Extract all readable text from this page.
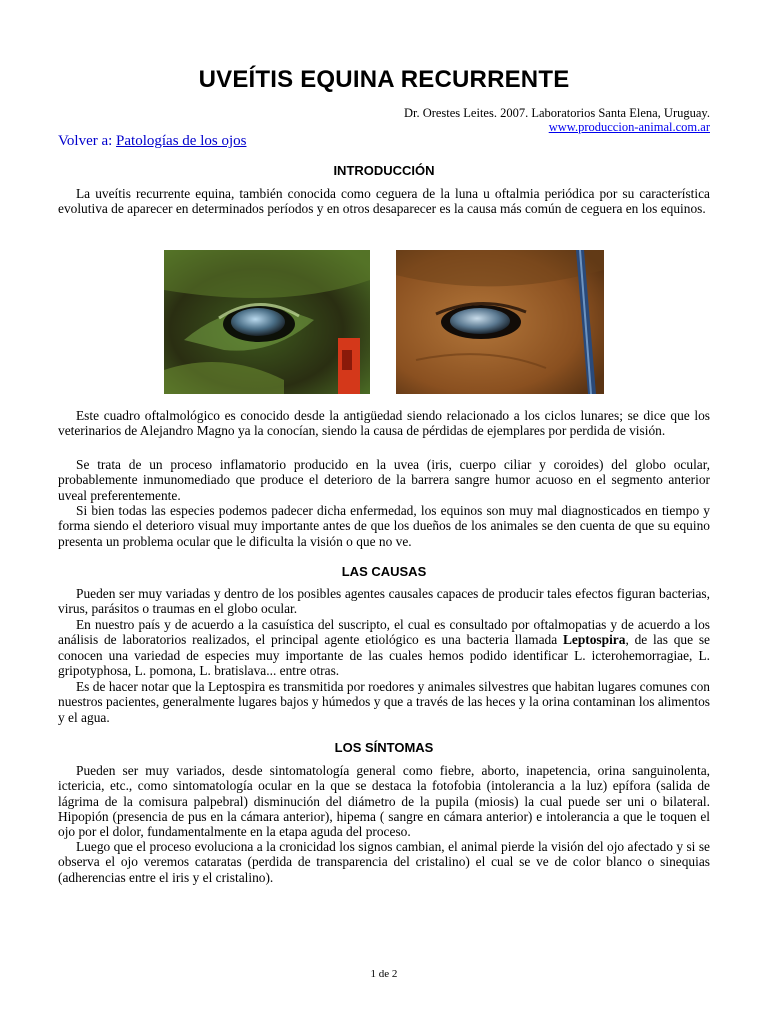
UVEÍTIS EQUINA RECURRENTE
Dr. Orestes Leites. 2007. Laboratorios Santa Elena, Uruguay.
www.produccion-animal.com.ar
Volver a: Patologías de los ojos
INTRODUCCIÓN
La uveítis recurrente equina, también conocida como ceguera de la luna u oftalmia periódica por su característica evolutiva de aparecer en determinados períodos y en otros desaparecer es la causa más común de ceguera en los equinos.
Este cuadro oftalmológico es conocido desde la antigüedad siendo relacionado a los ciclos lunares; se dice que los veterinarios de Alejandro Magno ya la conocían, siendo la causa de pérdidas de ejemplares por perdida de visión.
Se trata de un proceso inflamatorio producido en la uvea (iris, cuerpo ciliar y coroides) del globo ocular, probablemente inmunomediado que produce el deterioro de la barrera sangre humor acuoso en el segmento anterior uveal preferentemente.
Si bien todas las especies podemos padecer dicha enfermedad, los equinos son muy mal diagnosticados en tiempo y forma siendo el deterioro visual muy importante antes de que los dueños de los animales se den cuenta de que su equino presenta un problema ocular que le dificulta la visión o que no ve.
LAS CAUSAS
Pueden ser muy variadas y dentro de los posibles agentes causales capaces de producir tales efectos figuran bacterias, virus, parásitos o traumas en el globo ocular.
En nuestro país y de acuerdo a la casuística del suscripto, el cual es consultado por oftalmopatias y de acuerdo a los análisis de laboratorios realizados, el principal agente etiológico es una bacteria llamada Leptospira, de las que se conocen una variedad de especies muy importante de las cuales hemos podido identificar L. icterohemorragiae, L. gripotyphosa, L. pomona, L. bratislava... entre otras.
Es de hacer notar que la Leptospira es transmitida por roedores y animales silvestres que habitan lugares comunes con nuestros pacientes, generalmente lugares bajos y húmedos y que a través de las heces y la orina contaminan los alimentos y el agua.
LOS SÍNTOMAS
Pueden ser muy variados, desde sintomatología general como fiebre, aborto, inapetencia, orina sanguinolenta, ictericia, etc., como sintomatología ocular en la que se destaca la fotofobia (intolerancia a la luz) epífora (salida de lágrima de la comisura palpebral) disminución del diámetro de la pupila (miosis) la cual puede ser uni o bilateral. Hipopión (presencia de pus en la cámara anterior), hipema ( sangre en cámara anterior) e intolerancia a que le toquen el ojo por el dolor, fundamentalmente en la etapa aguda del proceso.
Luego que el proceso evoluciona a la cronicidad los signos cambian, el animal pierde la visión del ojo afectado y si se observa el ojo veremos cataratas (perdida de transparencia del cristalino) el cual se ve de color blanco o sinequias (adherencias entre el iris y el cristalino).
1 de 2
